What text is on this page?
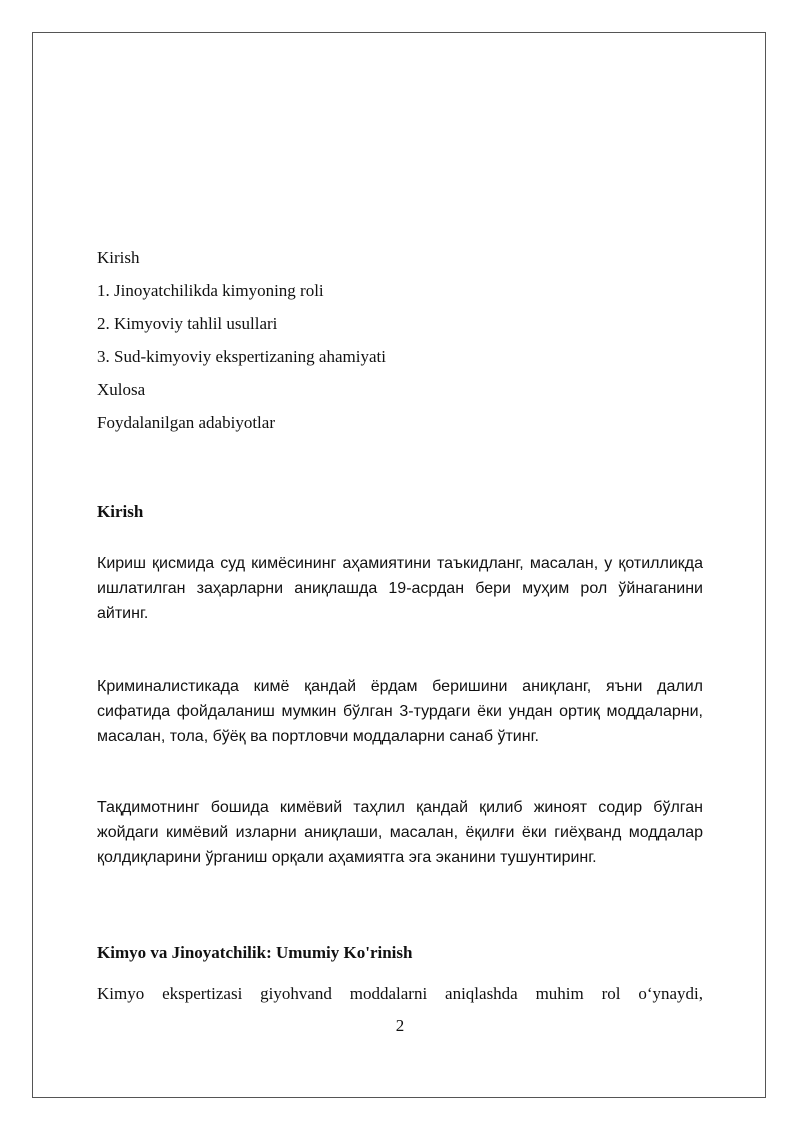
Kirish

1. Jinoyatchilikda kimyoning roli

2. Kimyoviy tahlil usullari

3. Sud-kimyoviy ekspertizaning ahamiyati

Xulosa

Foydalanilgan adabiyotlar

Kirish

Кириш қисмида суд кимёсининг аҳамиятини таъкидланг, масалан, у қотилликда ишлатилган заҳарларни аниқлашда 19-асрдан бери муҳим рол ўйнаганини айтинг.

Криминалистикада кимё қандай ёрдам беришини аниқланг, яъни далил сифатида фойдаланиш мумкин бўлган 3-турдаги ёки ундан ортиқ моддаларни, масалан, тола, бўёқ ва портловчи моддаларни санаб ўтинг.

Тақдимотнинг бошида кимёвий таҳлил қандай қилиб жиноят содир бўлган жойдаги кимёвий изларни аниқлаши, масалан, ёқилғи ёки гиёҳванд моддалар қолдиқларини ўрганиш орқали аҳамиятга эга эканини тушунтиринг.

Kimyo va Jinoyatchilik: Umumiy Ko'rinish

Kimyo ekspertizasi giyohvand moddalarni aniqlashda muhim rol oʻynaydi,

2
